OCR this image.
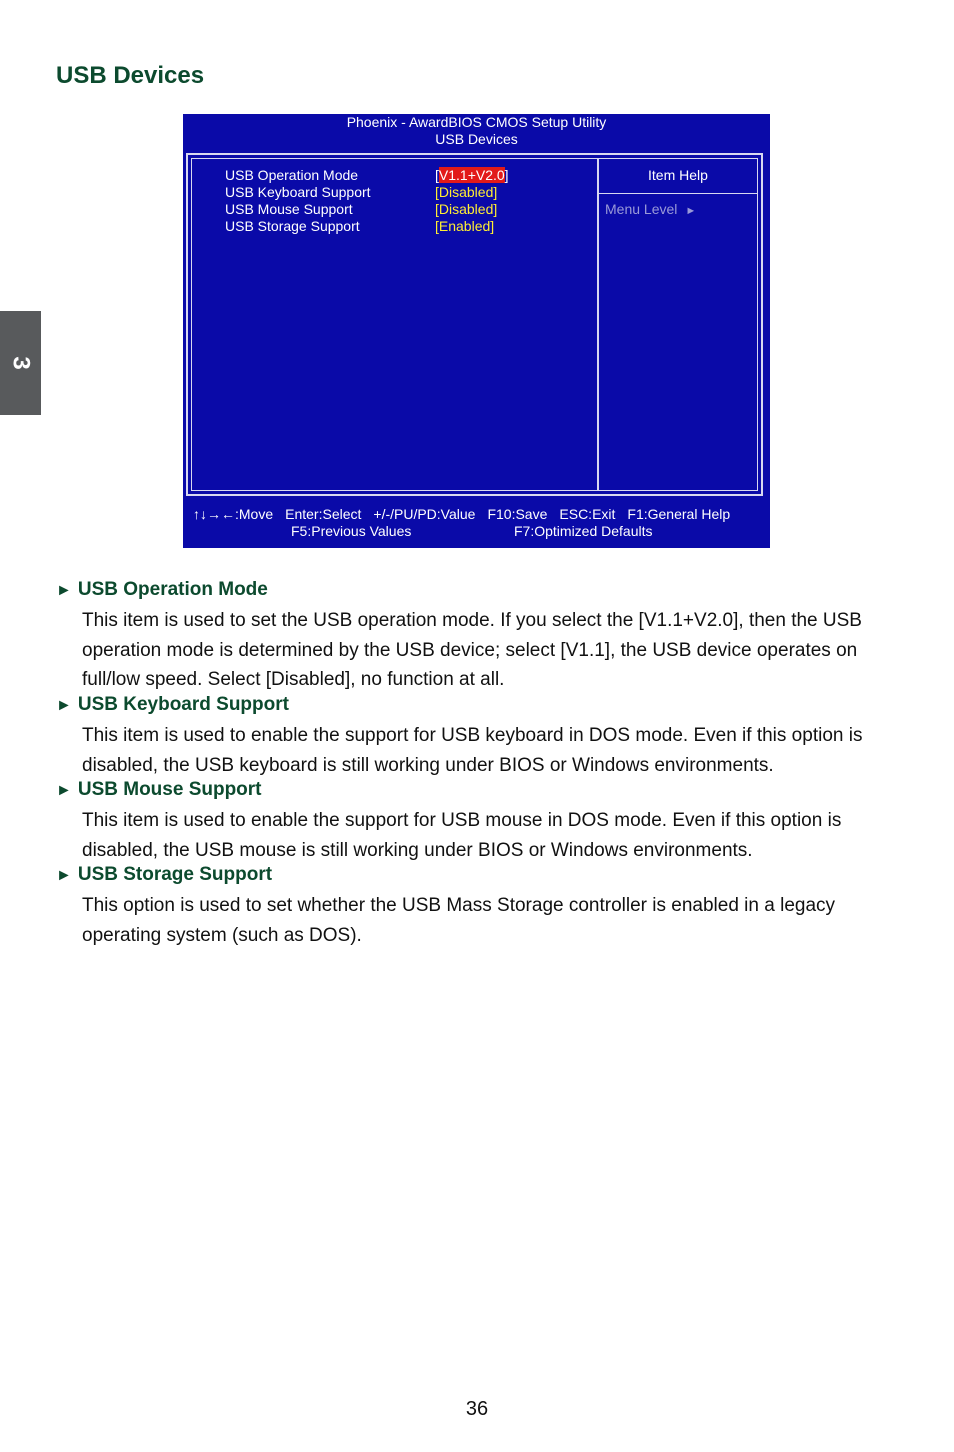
3
USB Devices
Phoenix - AwardBIOS CMOS Setup Utility
USB Devices
USB Operation Mode	[V1.1+V2.0]
USB Keyboard Support	[Disabled]
USB Mouse Support	[Disabled]
USB Storage Support	[Enabled]
Item Help
Menu Level ►
↑↓→←:Move Enter:Select +/-/PU/PD:Value F10:Save ESC:Exit F1:General Help
F5:Previous Values	F7:Optimized Defaults
► USB Operation Mode

This item is used to set the USB operation mode. If you select the [V1.1+V2.0], then the USB operation mode is determined by the USB device; select [V1.1], the USB device operates on full/low speed. Select [Disabled], no function at all.

► USB Keyboard Support

This item is used to enable the support for USB keyboard in DOS mode. Even if this option is disabled, the USB keyboard is still working under BIOS or Windows environments.

► USB Mouse Support

This item is used to enable the support for USB mouse in DOS mode. Even if this option is disabled, the USB mouse is still working under BIOS or Windows environments.

► USB Storage Support

This option is used to set whether the USB Mass Storage controller is enabled in a legacy operating system (such as DOS).

36
